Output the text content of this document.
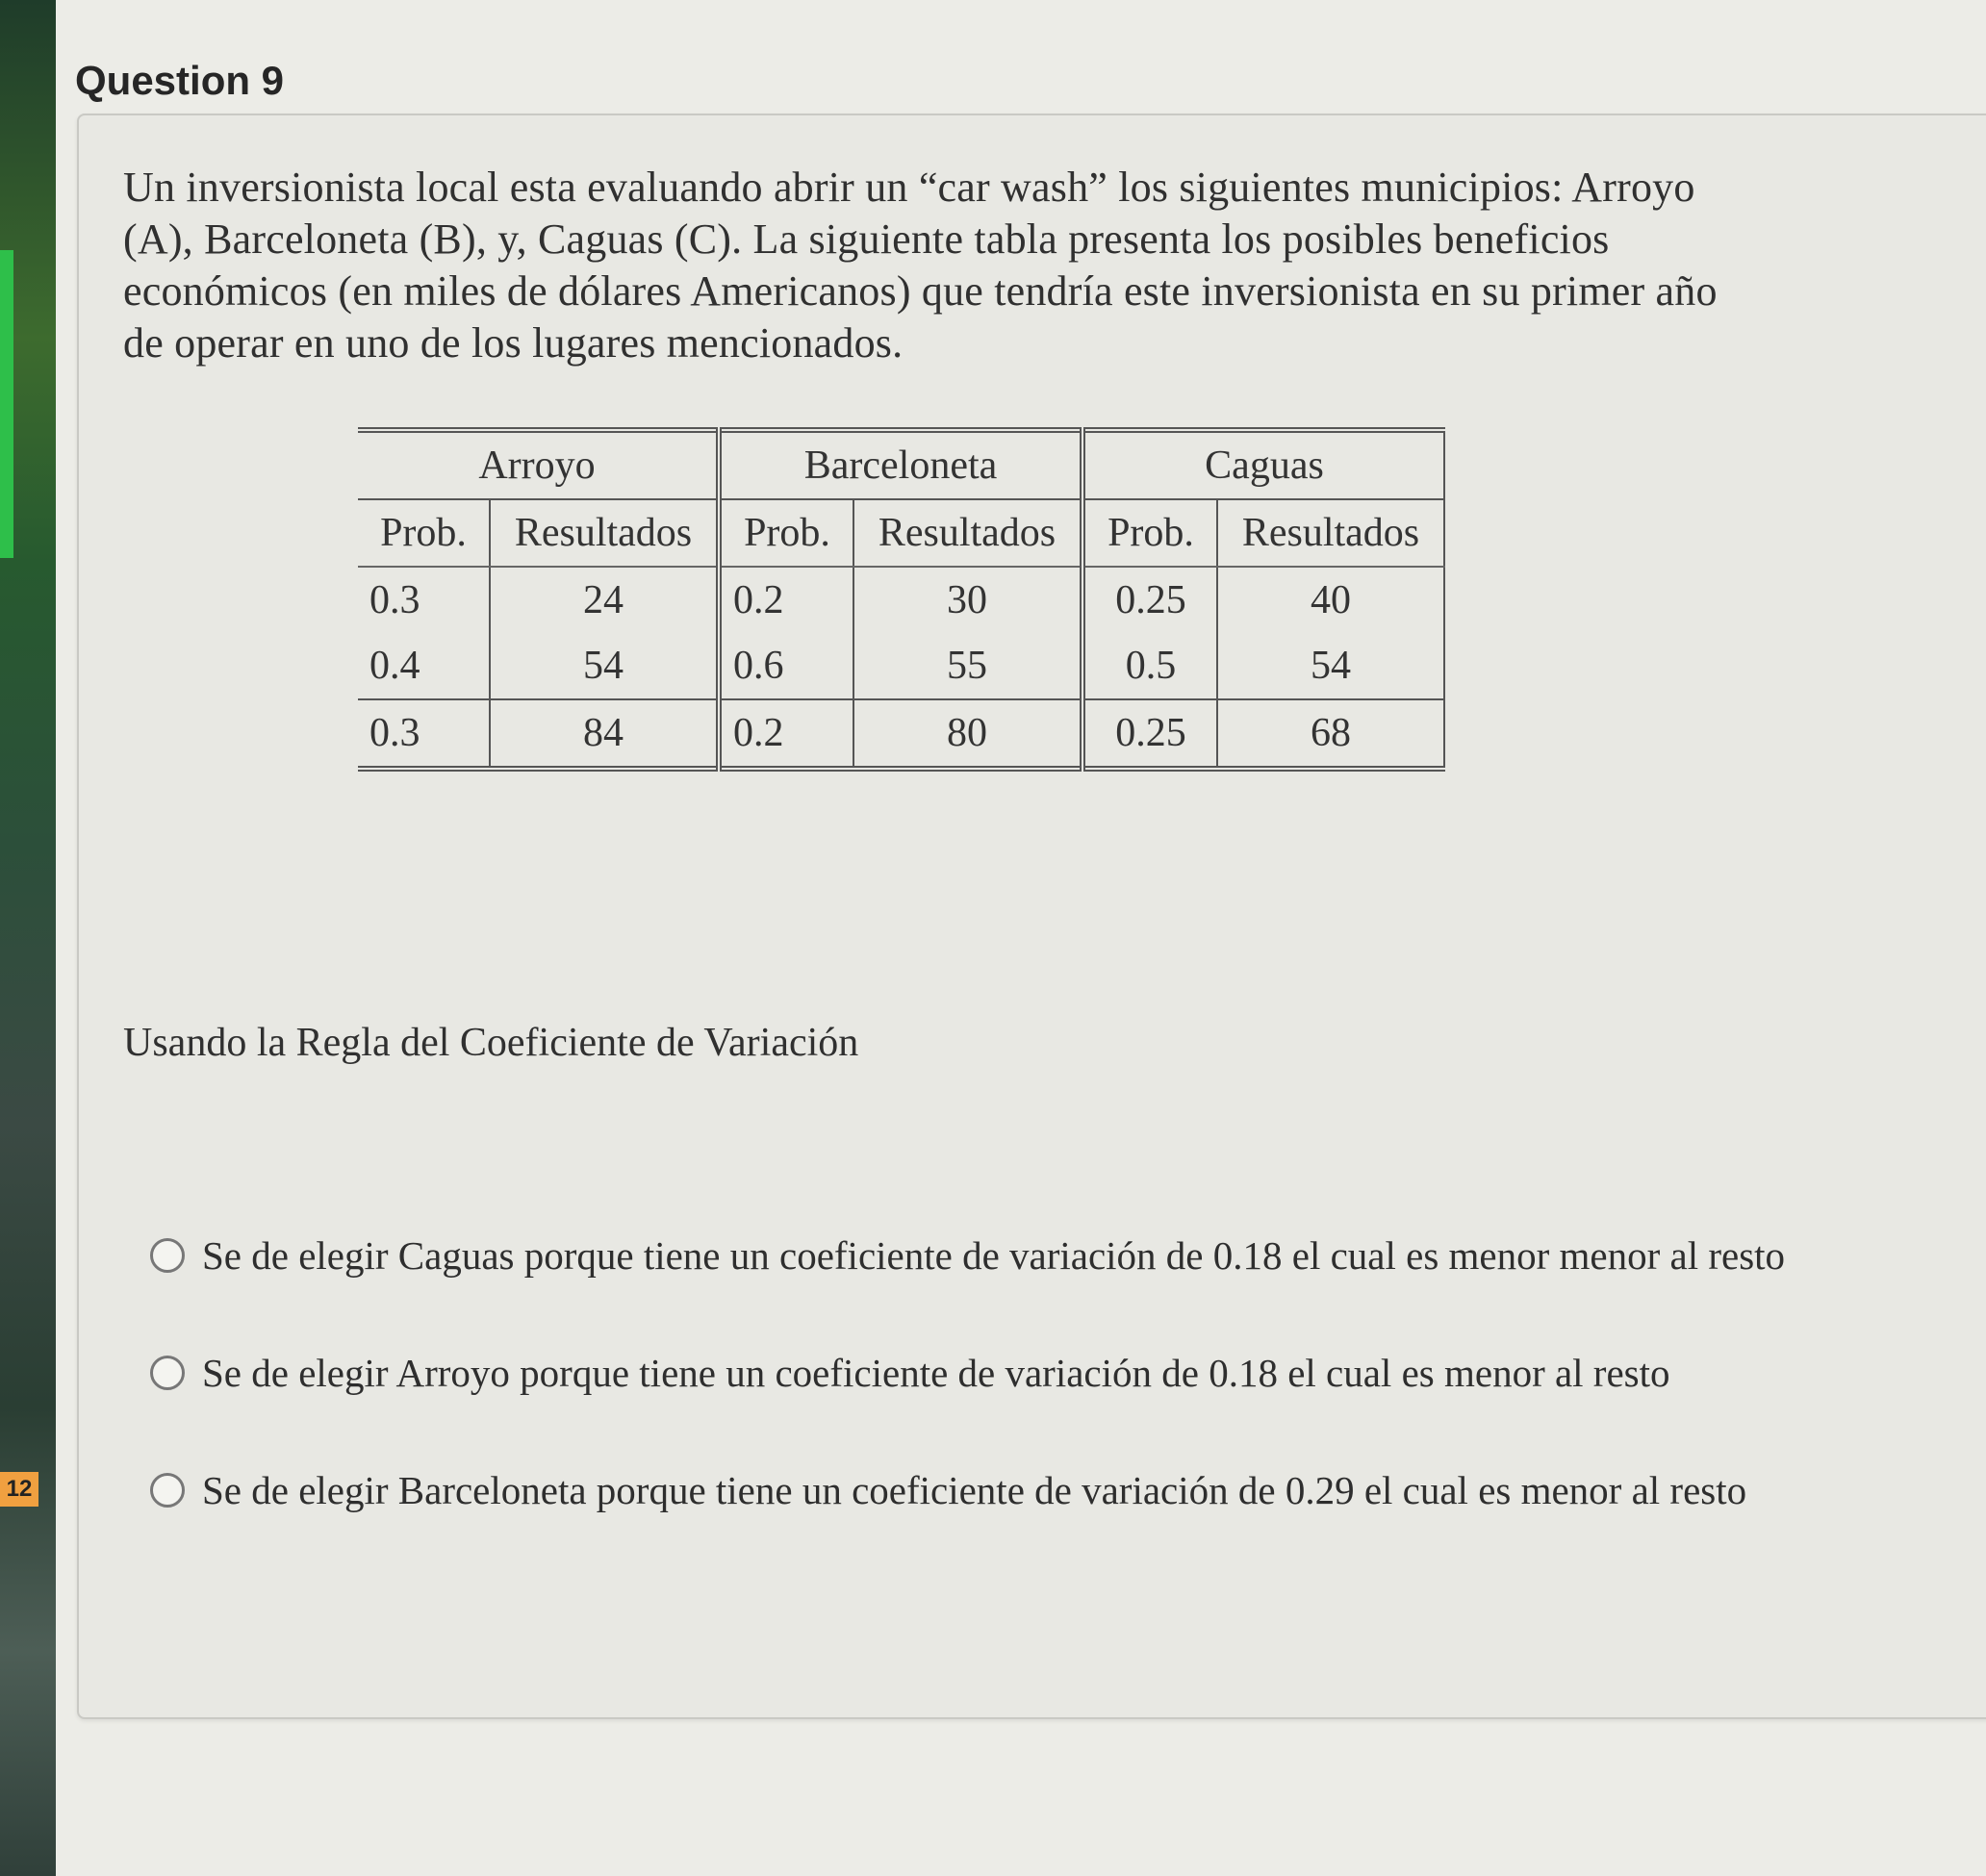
12
Question 9

Un inversionista local esta evaluando abrir un “car wash” los siguientes municipios: Arroyo (A), Barceloneta (B), y, Caguas (C). La siguiente tabla presenta los posibles beneficios económicos (en miles de dólares Americanos) que tendría este inversionista en su primer año de operar en uno de los lugares mencionados.

Arroyo		Barceloneta		Caguas	
Prob.	Resultados	Prob.	Resultados	Prob.	Resultados
0.3	24	0.2	30	0.25	40
0.4	54	0.6	55	0.5	54
0.3	84	0.2	80	0.25	68
Usando la Regla del Coeficiente de Variación
Se de elegir Caguas porque tiene un coeficiente de variación de 0.18 el cual es menor menor al resto
Se de elegir Arroyo porque tiene un coeficiente de variación de 0.18 el cual es menor al resto
Se de elegir Barceloneta porque tiene un coeficiente de variación de 0.29 el cual es menor al resto
